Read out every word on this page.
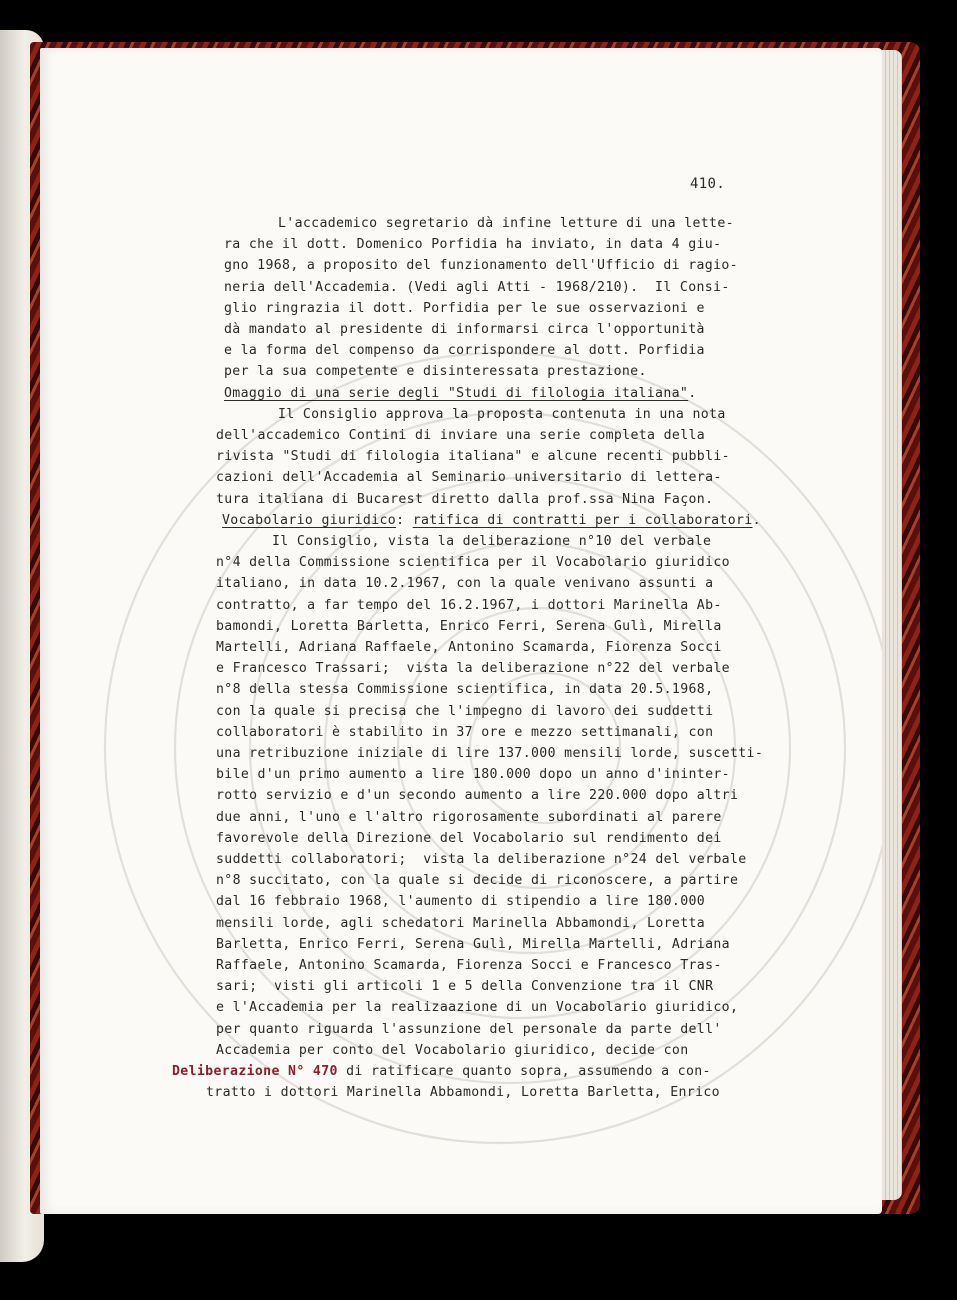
410.
L'accademico segretario dà infine letture di una lette-
ra che il dott. Domenico Porfidia ha inviato, in data 4 giu-
gno 1968, a proposito del funzionamento dell'Ufficio di ragio-
neria dell'Accademia. (Vedi agli Atti - 1968/210).  Il Consi-
glio ringrazia il dott. Porfidia per le sue osservazioni e
dà mandato al presidente di informarsi circa l'opportunità
e la forma del compenso da corrispondere al dott. Porfidia
per la sua competente e disinteressata prestazione.
Omaggio di una serie degli "Studi di filologia italiana".
Il Consiglio approva la proposta contenuta in una nota
dell'accademico Contini di inviare una serie completa della
rivista "Studi di filologia italiana" e alcune recenti pubbli-
cazioni dell'Accademia al Seminario universitario di lettera-
tura italiana di Bucarest diretto dalla prof.ssa Nina Façon.
Vocabolario giuridico: ratifica di contratti per i collaboratori.
Il Consiglio, vista la deliberazione n°10 del verbale
n°4 della Commissione scientifica per il Vocabolario giuridico
italiano, in data 10.2.1967, con la quale venivano assunti a
contratto, a far tempo del 16.2.1967, i dottori Marinella Ab-
bamondi, Loretta Barletta, Enrico Ferri, Serena Gulì, Mirella
Martelli, Adriana Raffaele, Antonino Scamarda, Fiorenza Socci
e Francesco Trassari;  vista la deliberazione n°22 del verbale
n°8 della stessa Commissione scientifica, in data 20.5.1968,
con la quale si precisa che l'impegno di lavoro dei suddetti
collaboratori è stabilito in 37 ore e mezzo settimanali, con
una retribuzione iniziale di lire 137.000 mensili lorde, suscetti-
bile d'un primo aumento a lire 180.000 dopo un anno d'ininter-
rotto servizio e d'un secondo aumento a lire 220.000 dopo altri
due anni, l'uno e l'altro rigorosamente subordinati al parere
favorevole della Direzione del Vocabolario sul rendimento dei
suddetti collaboratori;  vista la deliberazione n°24 del verbale
n°8 succitato, con la quale si decide di riconoscere, a partire
dal 16 febbraio 1968, l'aumento di stipendio a lire 180.000
mensili lorde, agli schedatori Marinella Abbamondi, Loretta
Barletta, Enrico Ferri, Serena Gulì, Mirella Martelli, Adriana
Raffaele, Antonino Scamarda, Fiorenza Socci e Francesco Tras-
sari;  visti gli articoli 1 e 5 della Convenzione tra il CNR
e l'Accademia per la realizaazione di un Vocabolario giuridico,
per quanto riguarda l'assunzione del personale da parte dell'
Accademia per conto del Vocabolario giuridico, decide con
Deliberazione N° 470 di ratificare quanto sopra, assumendo a con-
tratto i dottori Marinella Abbamondi, Loretta Barletta, Enrico
